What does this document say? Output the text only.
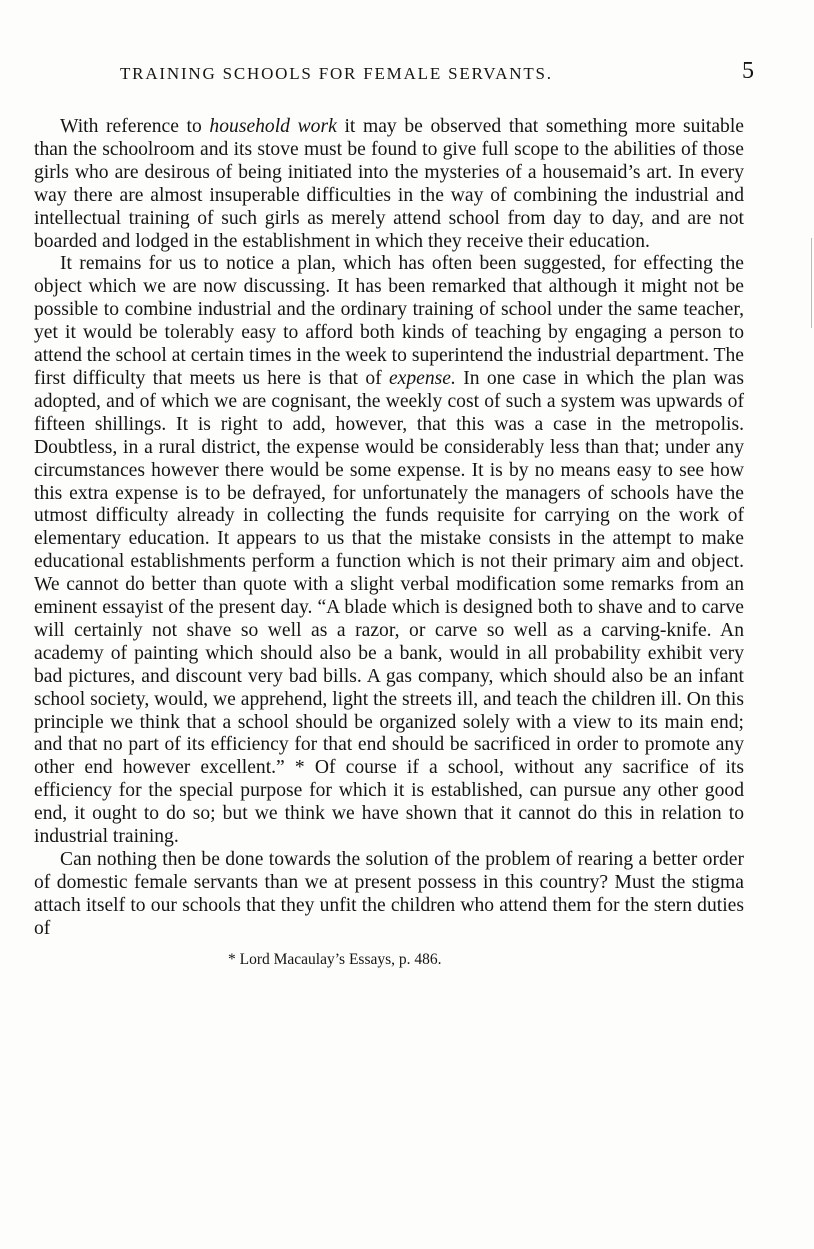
TRAINING SCHOOLS FOR FEMALE SERVANTS.	5

With reference to household work it may be observed that something more suitable than the schoolroom and its stove must be found to give full scope to the abilities of those girls who are desirous of being initiated into the mysteries of a housemaid’s art. In every way there are almost insuperable difficulties in the way of combining the industrial and intellectual training of such girls as merely attend school from day to day, and are not boarded and lodged in the establishment in which they receive their education.

It remains for us to notice a plan, which has often been suggested, for effecting the object which we are now discussing. It has been remarked that although it might not be possible to combine industrial and the ordinary training of school under the same teacher, yet it would be tolerably easy to afford both kinds of teaching by engaging a person to attend the school at certain times in the week to superintend the industrial department. The first difficulty that meets us here is that of expense. In one case in which the plan was adopted, and of which we are cognisant, the weekly cost of such a system was upwards of fifteen shillings. It is right to add, however, that this was a case in the metropolis. Doubtless, in a rural district, the expense would be considerably less than that; under any circumstances however there would be some expense. It is by no means easy to see how this extra expense is to be defrayed, for unfortunately the managers of schools have the utmost difficulty already in collecting the funds requisite for carrying on the work of elementary education. It appears to us that the mistake consists in the attempt to make educational establishments perform a function which is not their primary aim and object. We cannot do better than quote with a slight verbal modification some remarks from an eminent essayist of the present day. “A blade which is designed both to shave and to carve will certainly not shave so well as a razor, or carve so well as a carving-knife. An academy of painting which should also be a bank, would in all probability exhibit very bad pictures, and discount very bad bills. A gas company, which should also be an infant school society, would, we apprehend, light the streets ill, and teach the children ill. On this principle we think that a school should be organized solely with a view to its main end; and that no part of its efficiency for that end should be sacrificed in order to promote any other end however excellent.” * Of course if a school, without any sacrifice of its efficiency for the special purpose for which it is established, can pursue any other good end, it ought to do so; but we think we have shown that it cannot do this in relation to industrial training.

Can nothing then be done towards the solution of the problem of rearing a better order of domestic female servants than we at present possess in this country? Must the stigma attach itself to our schools that they unfit the children who attend them for the stern duties of

* Lord Macaulay’s Essays, p. 486.
